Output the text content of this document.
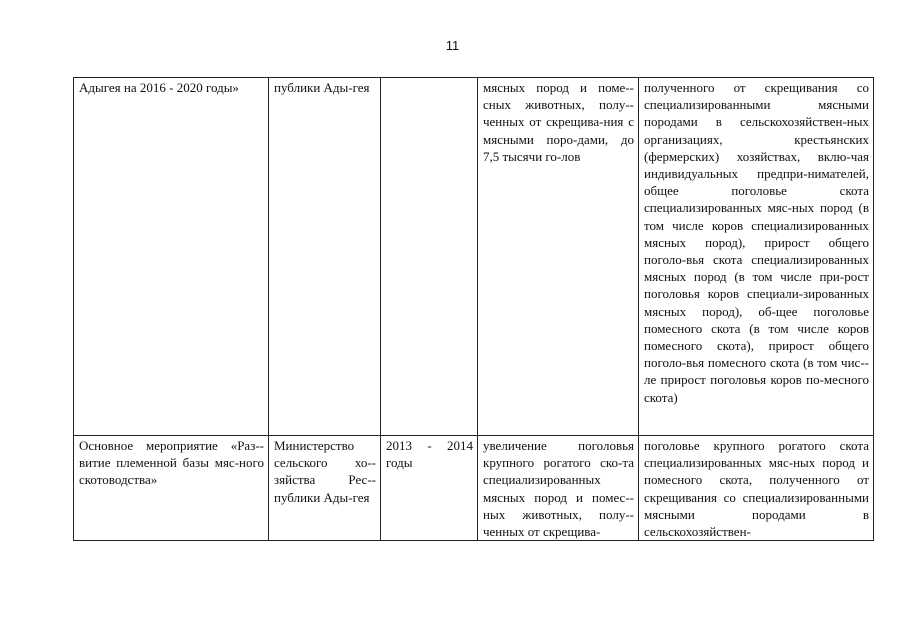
11
Адыгея на 2016 - 2020 годы»	публики Ады-гея		мясных пород и поме-сных животных, полу-ченных от скрещива-ния с мясными поро-дами, до 7,5 тысячи го-лов	полученного от скрещивания со специализированными мясными породами в сельскохозяйствен-ных организациях, крестьянских (фермерских) хозяйствах, вклю-чая индивидуальных предпри-нимателей, общее поголовье скота специализированных мяс-ных пород (в том числе коров специализированных мясных пород), прирост общего поголо-вья скота специализированных мясных пород (в том числе при-рост поголовья коров специали-зированных мясных пород), об-щее поголовье помесного скота (в том числе коров помесного скота), прирост общего поголо-вья помесного скота (в том чис-ле прирост поголовья коров по-месного скота)
Основное мероприятие «Раз-витие племенной базы мяс-ного скотоводства»	Министерство сельского хо-зяйства Рес-публики Ады-гея	2013 - 2014 годы	увеличение поголовья крупного рогатого ско-та специализированных мясных пород и помес-ных животных, полу-ченных от скрещива-	поголовье крупного рогатого скота специализированных мяс-ных пород и помесного скота, полученного от скрещивания со специализированными мясными породами в сельскохозяйствен-
